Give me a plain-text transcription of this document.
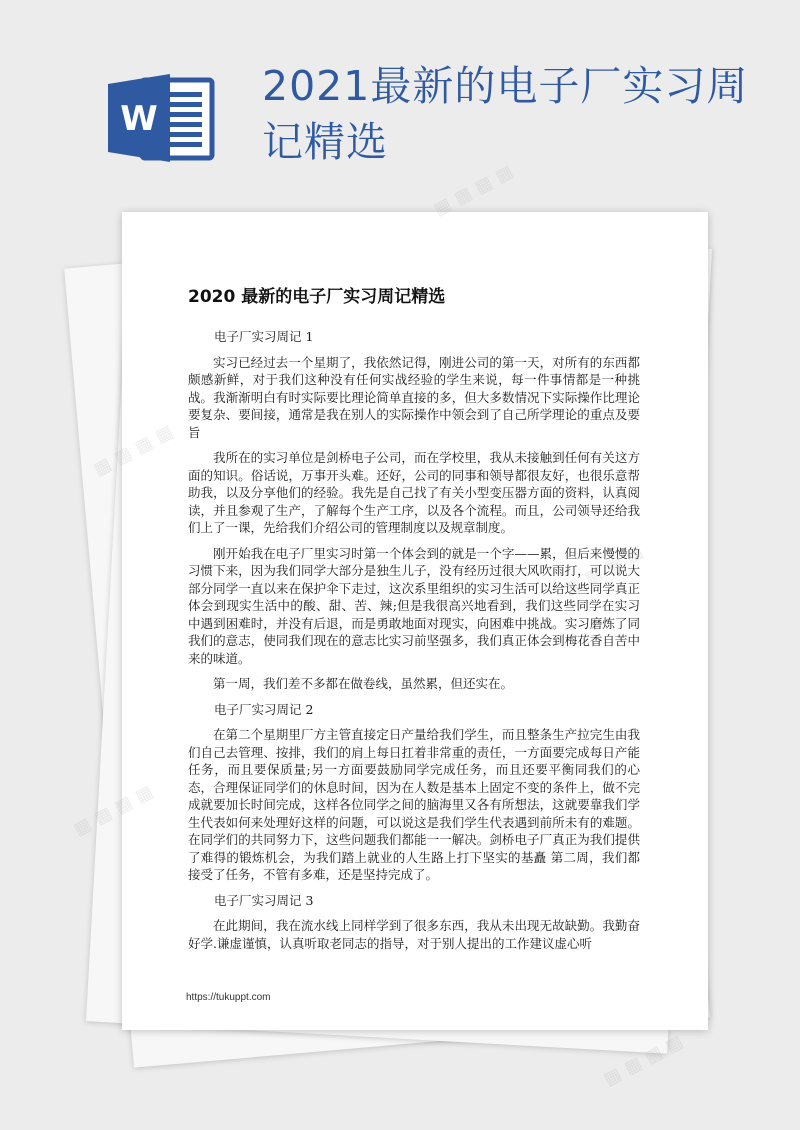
W
2021最新的电子厂实习周记精选
2020 最新的电子厂实习周记精选
电子厂实习周记 1

实习已经过去一个星期了，我依然记得，刚进公司的第一天，对所有的东西都颇感新鲜，对于我们这种没有任何实战经验的学生来说，每一件事情都是一种挑战。我渐渐明白有时实际要比理论简单直接的多，但大多数情况下实际操作比理论要复杂、要间接，通常是我在别人的实际操作中领会到了自己所学理论的重点及要旨

我所在的实习单位是剑桥电子公司，而在学校里，我从未接触到任何有关这方面的知识。俗话说，万事开头难。还好，公司的同事和领导都很友好，也很乐意帮助我，以及分享他们的经验。我先是自己找了有关小型变压器方面的资料，认真阅读，并且参观了生产，了解每个生产工序，以及各个流程。而且，公司领导还给我们上了一课，先给我们介绍公司的管理制度以及规章制度。

刚开始我在电子厂里实习时第一个体会到的就是一个字——累，但后来慢慢的习惯下来，因为我们同学大部分是独生儿子，没有经历过很大风吹雨打，可以说大部分同学一直以来在保护伞下走过，这次系里组织的实习生活可以给这些同学真正体会到现实生活中的酸、甜、苦、辣;但是我很高兴地看到，我们这些同学在实习中遇到困难时，并没有后退，而是勇敢地面对现实，向困难中挑战。实习磨炼了同我们的意志，使同我们现在的意志比实习前坚强多，我们真正体会到梅花香自苦中来的味道。

第一周，我们差不多都在做卷线，虽然累，但还实在。

电子厂实习周记 2

在第二个星期里厂方主管直接定日产量给我们学生，而且整条生产拉完生由我们自己去管理、按排，我们的肩上每日扛着非常重的责任，一方面要完成每日产能任务，而且要保质量;另一方面要鼓励同学完成任务，而且还要平衡同我们的心态，合理保证同学们的休息时间，因为在人数是基本上固定不变的条件上，做不完成就要加长时间完成，这样各位同学之间的脑海里又各有所想法，这就要靠我们学生代表如何来处理好这样的问题，可以说这是我们学生代表遇到前所未有的难题。在同学们的共同努力下，这些问题我们都能一一解决。剑桥电子厂真正为我们提供了难得的锻炼机会，为我们踏上就业的人生路上打下坚实的基矗 第二周，我们都接受了任务，不管有多难，还是坚持完成了。

电子厂实习周记 3

在此期间，我在流水线上同样学到了很多东西，我从未出现无故缺勤。我勤奋好学.谦虚谨慎，认真听取老同志的指导，对于别人提出的工作建议虚心听

https://tukuppt.com
▦ ▦ ▦ ▦
▦
▦ ▦ ▦ ▦
